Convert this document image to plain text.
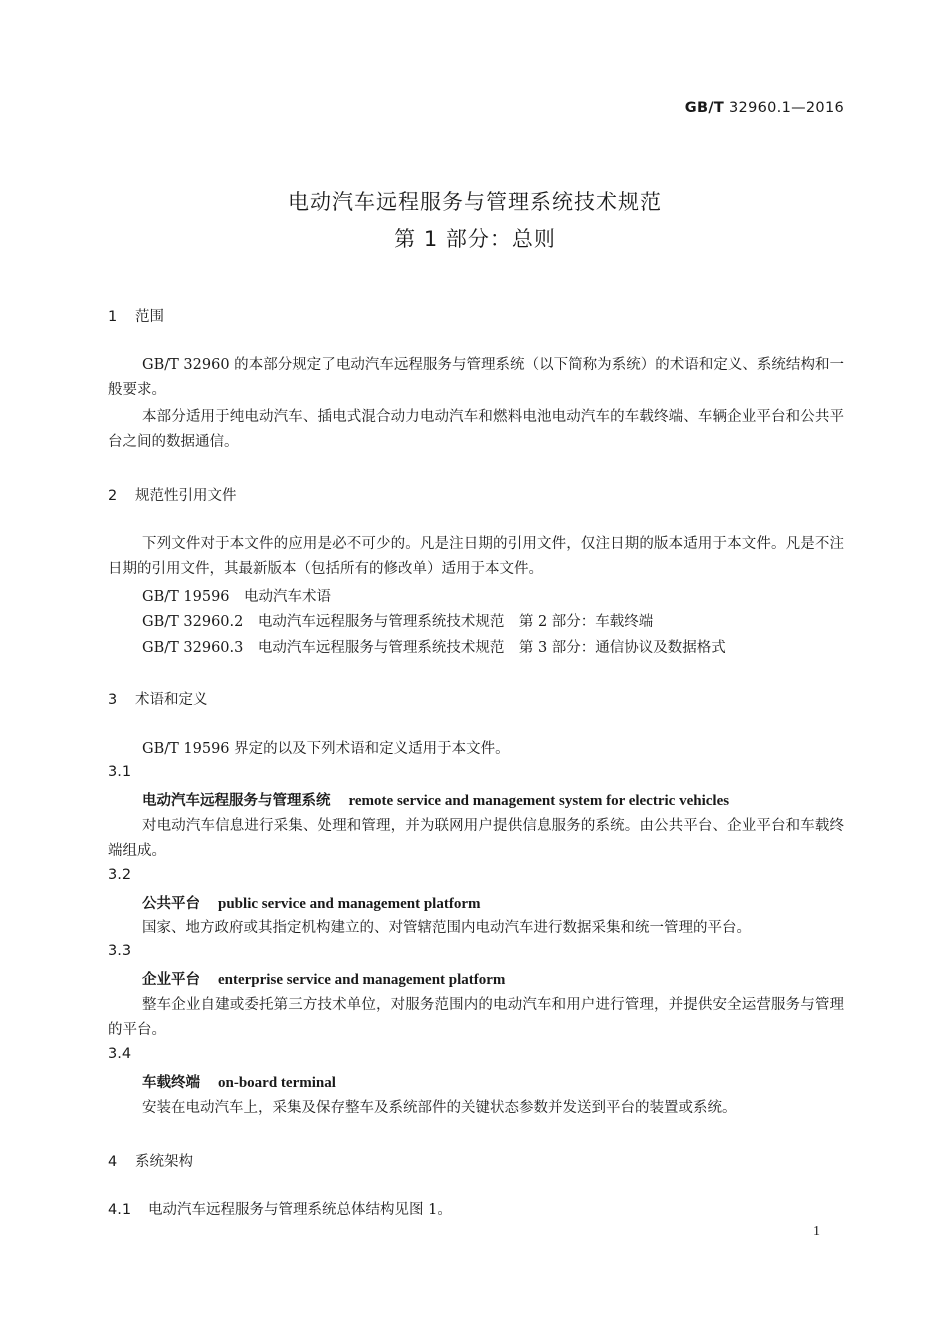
GB/T 32960.1—2016
电动汽车远程服务与管理系统技术规范
第 1 部分：总则
1 范围
GB/T 32960 的本部分规定了电动汽车远程服务与管理系统（以下简称为系统）的术语和定义、系统结构和一般要求。
本部分适用于纯电动汽车、插电式混合动力电动汽车和燃料电池电动汽车的车载终端、车辆企业平台和公共平台之间的数据通信。
2 规范性引用文件
下列文件对于本文件的应用是必不可少的。凡是注日期的引用文件，仅注日期的版本适用于本文件。凡是不注日期的引用文件，其最新版本（包括所有的修改单）适用于本文件。
GB/T 19596　电动汽车术语
GB/T 32960.2　电动汽车远程服务与管理系统技术规范　第 2 部分：车载终端
GB/T 32960.3　电动汽车远程服务与管理系统技术规范　第 3 部分：通信协议及数据格式
3 术语和定义
GB/T 19596 界定的以及下列术语和定义适用于本文件。
3.1
电动汽车远程服务与管理系统 remote service and management system for electric vehicles
对电动汽车信息进行采集、处理和管理，并为联网用户提供信息服务的系统。由公共平台、企业平台和车载终端组成。
3.2
公共平台 public service and management platform
国家、地方政府或其指定机构建立的、对管辖范围内电动汽车进行数据采集和统一管理的平台。
3.3
企业平台 enterprise service and management platform
整车企业自建或委托第三方技术单位，对服务范围内的电动汽车和用户进行管理，并提供安全运营服务与管理的平台。
3.4
车载终端 on-board terminal
安装在电动汽车上，采集及保存整车及系统部件的关键状态参数并发送到平台的装置或系统。
4 系统架构
4.1 电动汽车远程服务与管理系统总体结构见图 1。
1
